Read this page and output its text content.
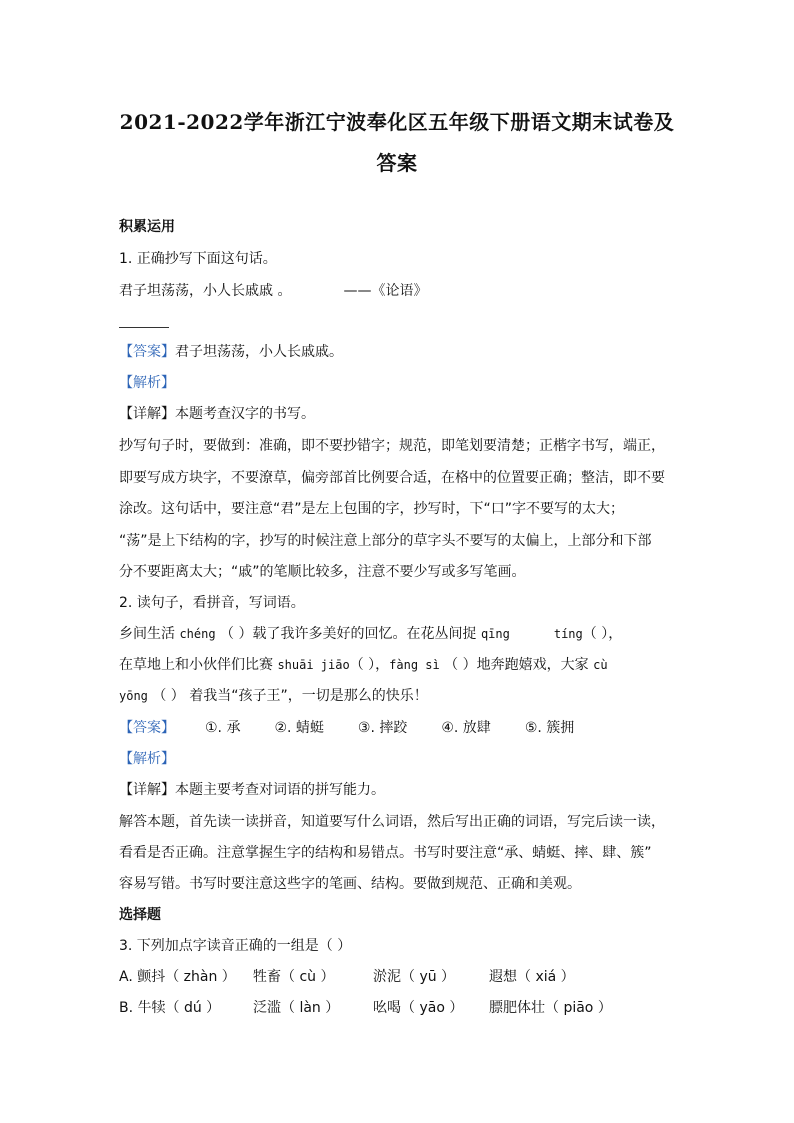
2021-2022学年浙江宁波奉化区五年级下册语文期末试卷及
答案
积累运用
1. 正确抄写下面这句话。
君子坦荡荡，小人长戚戚 。	——《论语》
【答案】君子坦荡荡，小人长戚戚。
【解析】
【详解】本题考查汉字的书写。
抄写句子时，要做到：准确，即不要抄错字；规范，即笔划要清楚；正楷字书写，端正，
即要写成方块字，不要潦草，偏旁部首比例要合适，在格中的位置要正确；整洁，即不要
涂改。这句话中，要注意“君”是左上包围的字，抄写时，下“口”字不要写的太大；
“荡”是上下结构的字，抄写的时候注意上部分的草字头不要写的太偏上，上部分和下部
分不要距离太大；“戚”的笔顺比较多，注意不要少写或多写笔画。
2. 读句子，看拼音，写词语。
乡间生活 chéng （ ）载了我许多美好的回忆。在花丛间捉 qīng	tíng（ ），
在草地上和小伙伴们比赛 shuāi jiāo（ ），fàng sì （ ）地奔跑嬉戏，大家 cù
yōng （ ） 着我当“孩子王”，一切是那么的快乐！
【答案】 ①. 承 ②. 蜻蜓 ③. 摔跤 ④. 放肆 ⑤. 簇拥
【解析】
【详解】本题主要考查对词语的拼写能力。
解答本题，首先读一读拼音，知道要写什么词语，然后写出正确的词语，写完后读一读，
看看是否正确。注意掌握生字的结构和易错点。书写时要注意“承、蜻蜓、摔、肆、簇”
容易写错。书写时要注意这些字的笔画、结构。要做到规范、正确和美观。
选择题
3. 下列加点字读音正确的一组是（ ）
A. 颤抖（ zhàn ） 牲畜（ cù ）	淤泥（ yū ） 遐想（ xiá ）
B. 牛犊（ dú ） 泛滥（ làn ） 吆喝（ yāo ） 膘肥体壮（ piāo ）
